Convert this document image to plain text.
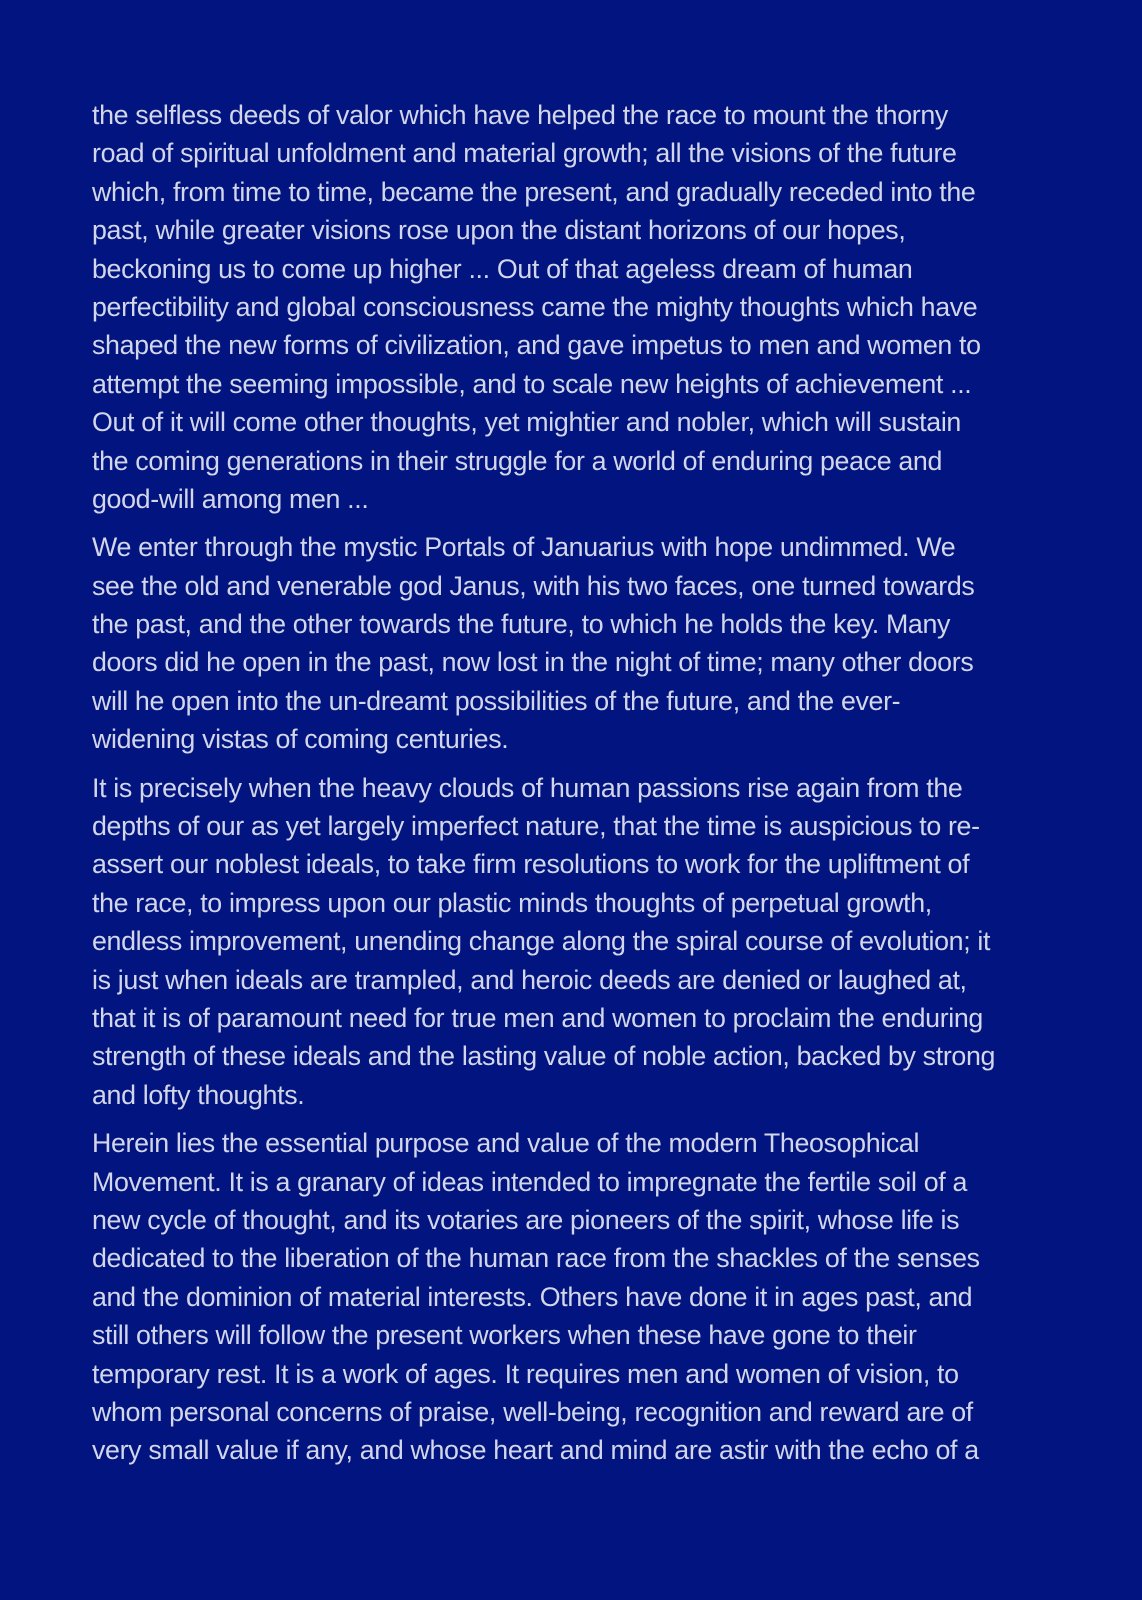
the selfless deeds of valor which have helped the race to mount the thorny
road of spiritual unfoldment and material growth; all the visions of the future
which, from time to time, became the present, and gradually receded into the
past, while greater visions rose upon the distant horizons of our hopes,
beckoning us to come up higher ... Out of that ageless dream of human
perfectibility and global consciousness came the mighty thoughts which have
shaped the new forms of civilization, and gave impetus to men and women to
attempt the seeming impossible, and to scale new heights of achievement ...
Out of it will come other thoughts, yet mightier and nobler, which will sustain
the coming generations in their struggle for a world of enduring peace and
good-will among men ...
We enter through the mystic Portals of Januarius with hope undimmed. We
see the old and venerable god Janus, with his two faces, one turned towards
the past, and the other towards the future, to which he holds the key. Many
doors did he open in the past, now lost in the night of time; many other doors
will he open into the un-dreamt possibilities of the future, and the ever-
widening vistas of coming centuries.
It is precisely when the heavy clouds of human passions rise again from the
depths of our as yet largely imperfect nature, that the time is auspicious to re-
assert our noblest ideals, to take firm resolutions to work for the upliftment of
the race, to impress upon our plastic minds thoughts of perpetual growth,
endless improvement, unending change along the spiral course of evolution; it
is just when ideals are trampled, and heroic deeds are denied or laughed at,
that it is of paramount need for true men and women to proclaim the enduring
strength of these ideals and the lasting value of noble action, backed by strong
and lofty thoughts.
Herein lies the essential purpose and value of the modern Theosophical
Movement. It is a granary of ideas intended to impregnate the fertile soil of a
new cycle of thought, and its votaries are pioneers of the spirit, whose life is
dedicated to the liberation of the human race from the shackles of the senses
and the dominion of material interests. Others have done it in ages past, and
still others will follow the present workers when these have gone to their
temporary rest. It is a work of ages. It requires men and women of vision, to
whom personal concerns of praise, well-being, recognition and reward are of
very small value if any, and whose heart and mind are astir with the echo of a
